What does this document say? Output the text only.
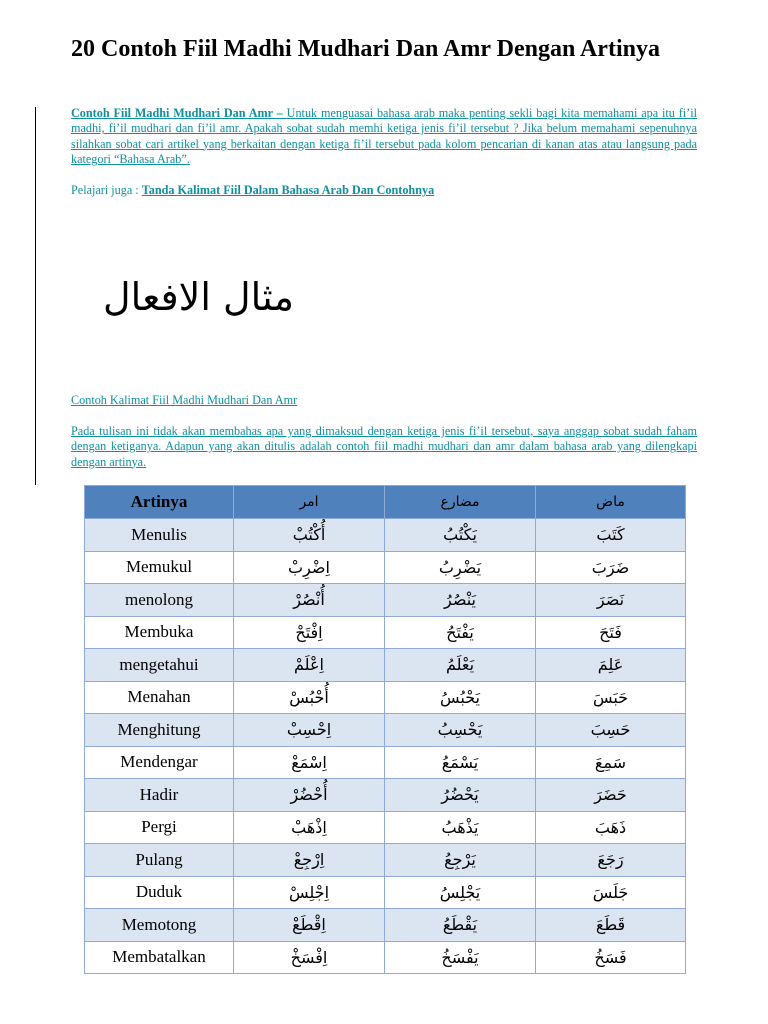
20 Contoh Fiil Madhi Mudhari Dan Amr Dengan Artinya

Contoh Fiil Madhi Mudhari Dan Amr – Untuk menguasai bahasa arab maka penting sekli bagi kita memahami apa itu fi’il madhi, fi’il mudhari dan fi’il amr. Apakah sobat sudah memhi ketiga jenis fi’il tersebut ? Jika belum memahami sepenuhnya silahkan sobat cari artikel yang berkaitan dengan ketiga fi’il tersebut pada kolom pencarian di kanan atas atau langsung pada kategori “Bahasa Arab”.

Pelajari juga : Tanda Kalimat Fiil Dalam Bahasa Arab Dan Contohnya

مثال الافعال

Contoh Kalimat Fiil Madhi Mudhari Dan Amr

Pada tulisan ini tidak akan membahas apa yang dimaksud dengan ketiga jenis fi’il tersebut, saya anggap sobat sudah faham dengan ketiganya. Adapun yang akan ditulis adalah contoh fiil madhi mudhari dan amr dalam bahasa arab yang dilengkapi dengan artinya.

Artinya	امر	مضارع	ماض
Menulis	أُكْتُبْ	يَكْتُبُ	كَتَبَ
Memukul	اِضْرِبْ	يَضْرِبُ	ضَرَبَ
menolong	أُنْصُرْ	يَنْصُرُ	نَصَرَ
Membuka	اِفْتَحْ	يَفْتَحُ	فَتَحَ
mengetahui	اِعْلَمْ	يَعْلَمُ	عَلِمَ
Menahan	أُحْبُسْ	يَحْبُسُ	حَبَسَ
Menghitung	اِحْسِبْ	يَحْسِبُ	حَسِبَ
Mendengar	اِسْمَعْ	يَسْمَعُ	سَمِعَ
Hadir	أُحْضُرْ	يَحْضُرُ	حَضَرَ
Pergi	اِذْهَبْ	يَذْهَبُ	ذَهَبَ
Pulang	اِرْجِعْ	يَرْجِعُ	رَجَعَ
Duduk	اِجْلِسْ	يَجْلِسُ	جَلَسَ
Memotong	اِقْطَعْ	يَقْطَعُ	قَطَعَ
Membatalkan	اِفْسَخْ	يَفْسَخُ	فَسَخُ
